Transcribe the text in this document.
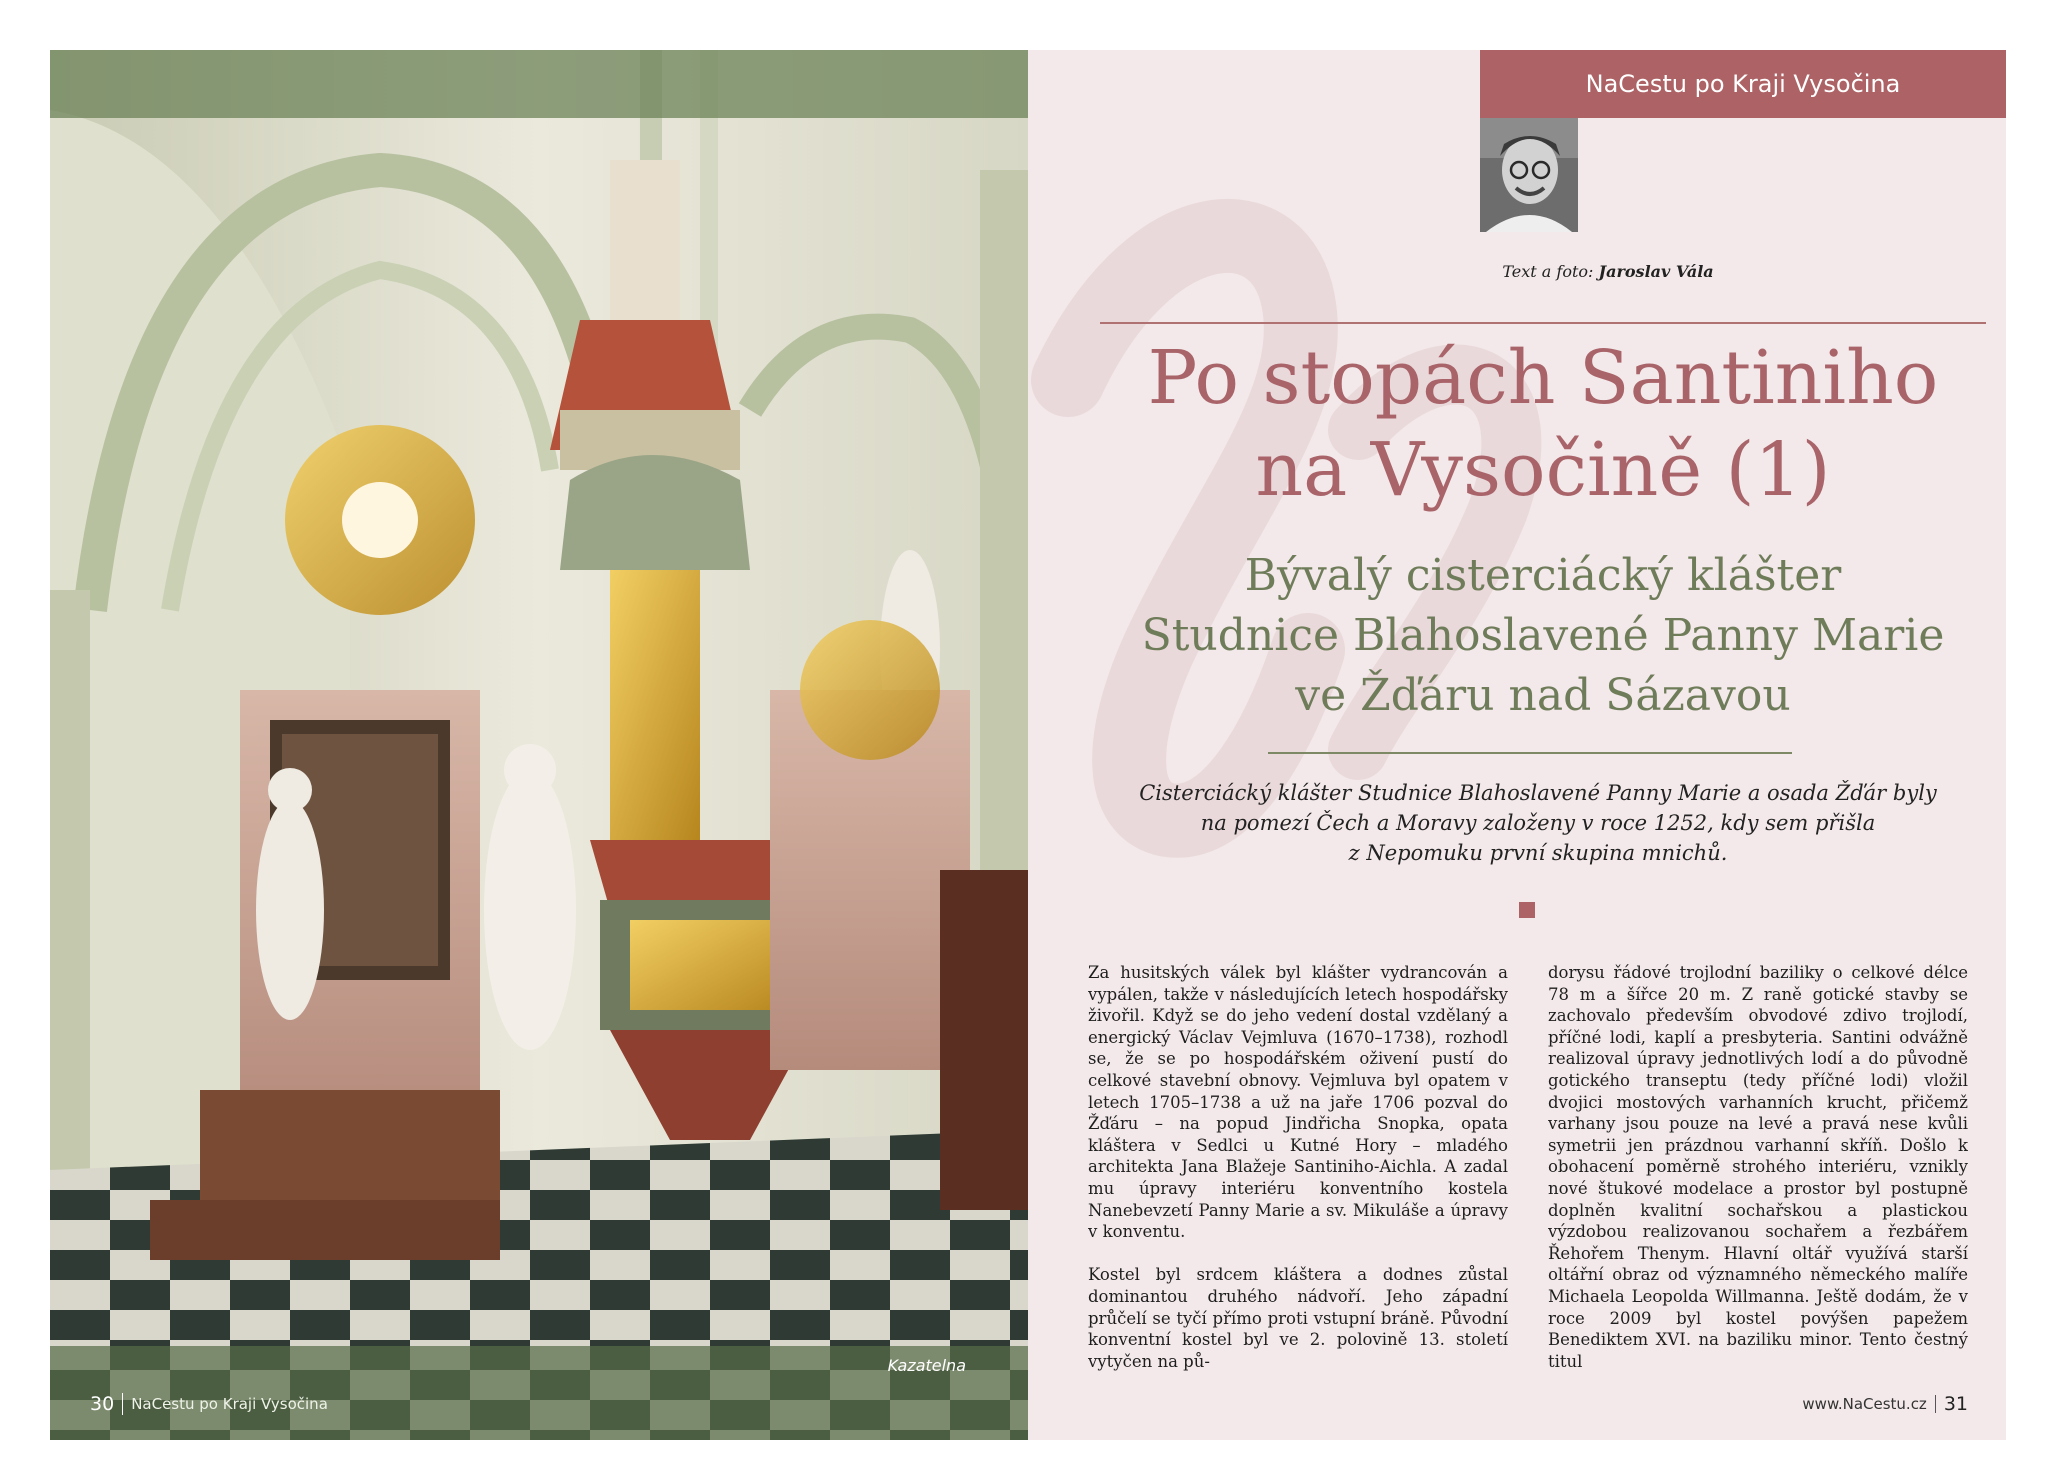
Kazatelna
30	NaCestu po Kraji Vysočina
NaCestu po Kraji Vysočina
Text a foto: Jaroslav Vála
Po stopách Santiniho
na Vysočině (1)
Bývalý cisterciácký klášter
Studnice Blahoslavené Panny Marie
ve Žďáru nad Sázavou
Cisterciácký klášter Studnice Blahoslavené Panny Marie a osada Žďár byly
na pomezí Čech a Moravy založeny v roce 1252, kdy sem přišla
z Nepomuku první skupina mnichů.

Za husitských válek byl klášter vydrancován a vypálen, takže v následujících letech hospodářsky živořil. Když se do jeho vedení dostal vzdělaný a energický Václav Vejmluva (1670–1738), rozhodl se, že se po hospodářském oživení pustí do celkové stavební obnovy. Vejmluva byl opatem v letech 1705–1738 a už na jaře 1706 pozval do Žďáru – na popud Jindřicha Snopka, opata kláštera v Sedlci u Kutné Hory – mladého architekta Jana Blažeje Santiniho-Aichla. A zadal mu úpravy interiéru konventního kostela Nanebevzetí Panny Marie a sv. Mikuláše a úpravy v konventu.

Kostel byl srdcem kláštera a dodnes zůstal dominantou druhého nádvoří. Jeho západní průčelí se tyčí přímo proti vstupní bráně. Původní konventní kostel byl ve 2. polovině 13. století vytyčen na pů-

dorysu řádové trojlodní baziliky o celkové délce 78 m a šířce 20 m. Z raně gotické stavby se zachovalo především obvodové zdivo trojlodí, příčné lodi, kaplí a presbyteria. Santini odvážně realizoval úpravy jednotlivých lodí a do původně gotického transeptu (tedy příčné lodi) vložil dvojici mostových varhanních krucht, přičemž varhany jsou pouze na levé a pravá nese kvůli symetrii jen prázdnou varhanní skříň. Došlo k obohacení poměrně strohého interiéru, vznikly nové štukové modelace a prostor byl postupně doplněn kvalitní sochařskou a plastickou výzdobou realizovanou sochařem a řezbářem Řehořem Thenym. Hlavní oltář využívá starší oltářní obraz od významného německého malíře Michaela Leopolda Willmanna. Ještě dodám, že v roce 2009 byl kostel povýšen papežem Benediktem XVI. na baziliku minor. Tento čestný titul

www.NaCestu.cz 31
